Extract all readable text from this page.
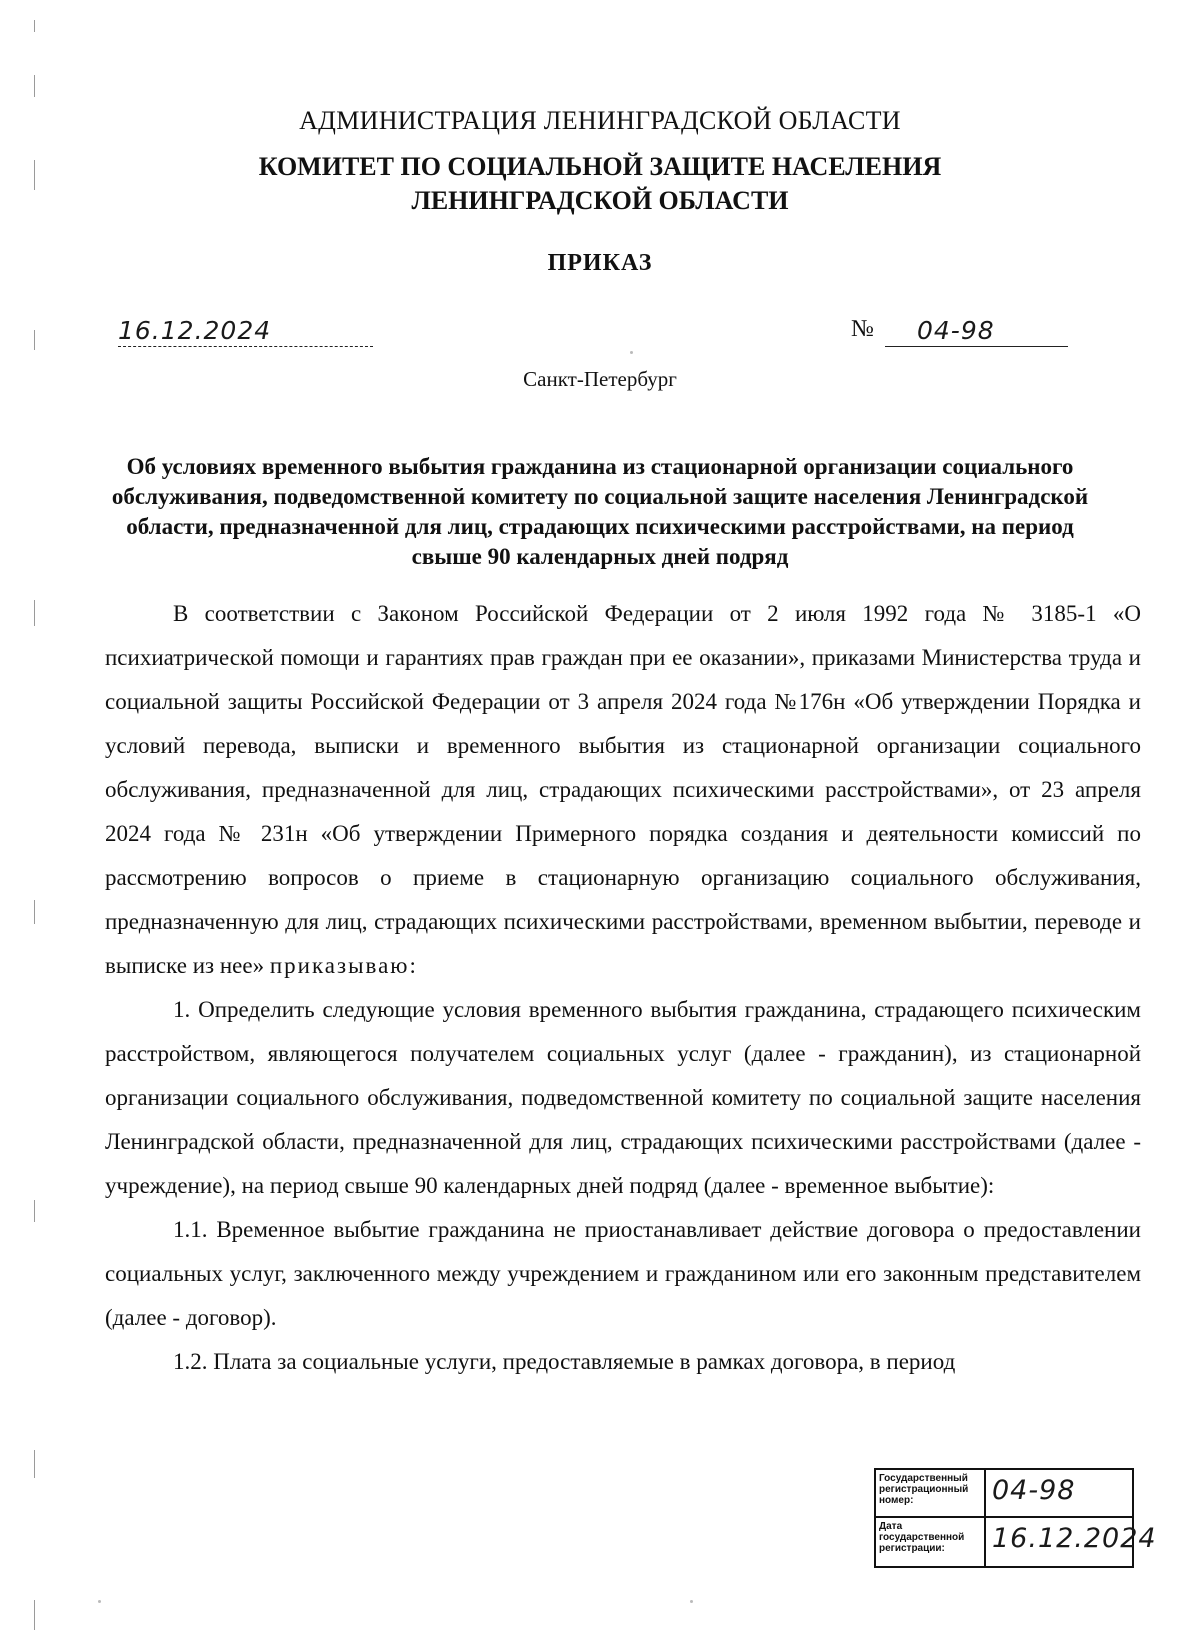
АДМИНИСТРАЦИЯ ЛЕНИНГРАДСКОЙ ОБЛАСТИ
КОМИТЕТ ПО СОЦИАЛЬНОЙ ЗАЩИТЕ НАСЕЛЕНИЯ
ЛЕНИНГРАДСКОЙ ОБЛАСТИ
ПРИКАЗ
16.12.2024	№ 04-98
Санкт-Петербург
Об условиях временного выбытия гражданина из стационарной организации социального обслуживания, подведомственной комитету по социальной защите населения Ленинградской области, предназначенной для лиц, страдающих психическими расстройствами, на период свыше 90 календарных дней подряд

В соответствии с Законом Российской Федерации от 2 июля 1992 года № 3185-1 «О психиатрической помощи и гарантиях прав граждан при ее оказании», приказами Министерства труда и социальной защиты Российской Федерации от 3 апреля 2024 года №176н «Об утверждении Порядка и условий перевода, выписки и временного выбытия из стационарной организации социального обслуживания, предназначенной для лиц, страдающих психическими расстройствами», от 23 апреля 2024 года № 231н «Об утверждении Примерного порядка создания и деятельности комиссий по рассмотрению вопросов о приеме в стационарную организацию социального обслуживания, предназначенную для лиц, страдающих психическими расстройствами, временном выбытии, переводе и выписке из нее» приказываю:

1. Определить следующие условия временного выбытия гражданина, страдающего психическим расстройством, являющегося получателем социальных услуг (далее - гражданин), из стационарной организации социального обслуживания, подведомственной комитету по социальной защите населения Ленинградской области, предназначенной для лиц, страдающих психическими расстройствами (далее - учреждение), на период свыше 90 календарных дней подряд (далее - временное выбытие):

1.1. Временное выбытие гражданина не приостанавливает действие договора о предоставлении социальных услуг, заключенного между учреждением и гражданином или его законным представителем (далее - договор).

1.2. Плата за социальные услуги, предоставляемые в рамках договора, в период

Государственный регистрационный номер:	04-98
Дата государственной регистрации:	16.12.2024
